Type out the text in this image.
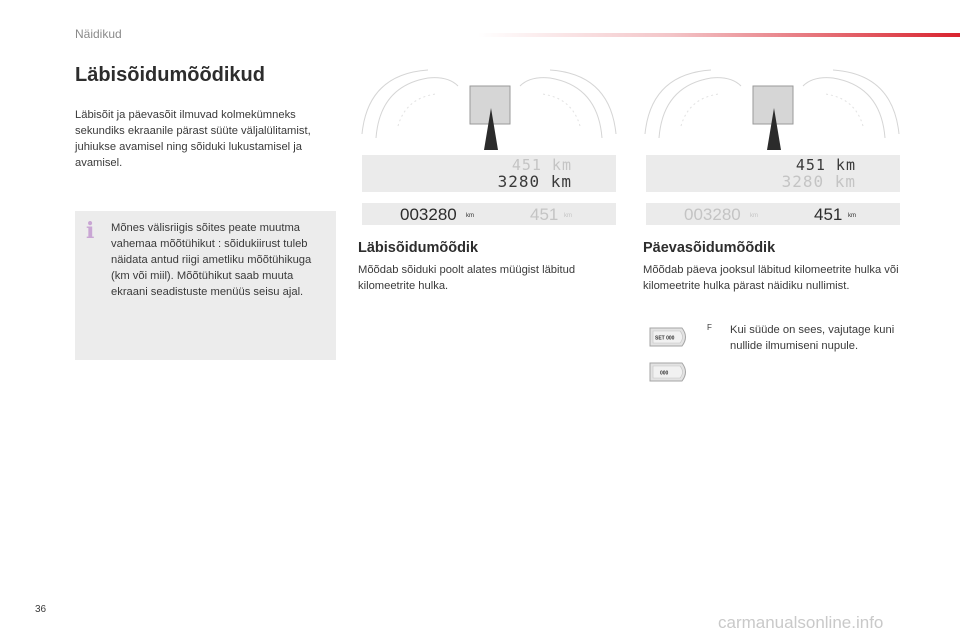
Näidikud
Läbisõidumõõdikud

Läbisõit ja päevasõit ilmuvad kolmekümneks sekundiks ekraanile pärast süüte väljalülitamist, juhiukse avamisel ning sõiduki lukustamisel ja avamisel.

i Mõnes välisriigis sõites peate muutma vahemaa mõõtühikut : sõidukiirust tuleb näidata antud riigi ametliku mõõtühikuga (km või miil). Mõõtühikut saab muuta ekraani seadistuste menüüs seisu ajal.

451 km
3280 km
003280 km	451 km
Läbisõidumõõdik

Mõõdab sõiduki poolt alates müügist läbitud kilomeetrite hulka.

451 km
3280 km
003280 km	451 km
Päevasõidumõõdik

Mõõdab päeva jooksul läbitud kilomeetrite hulka või kilomeetrite hulka pärast näidiku nullimist.

SET 000
000
F Kui süüde on sees, vajutage kuni nullide ilmumiseni nupule.

36
carmanualsonline.info
